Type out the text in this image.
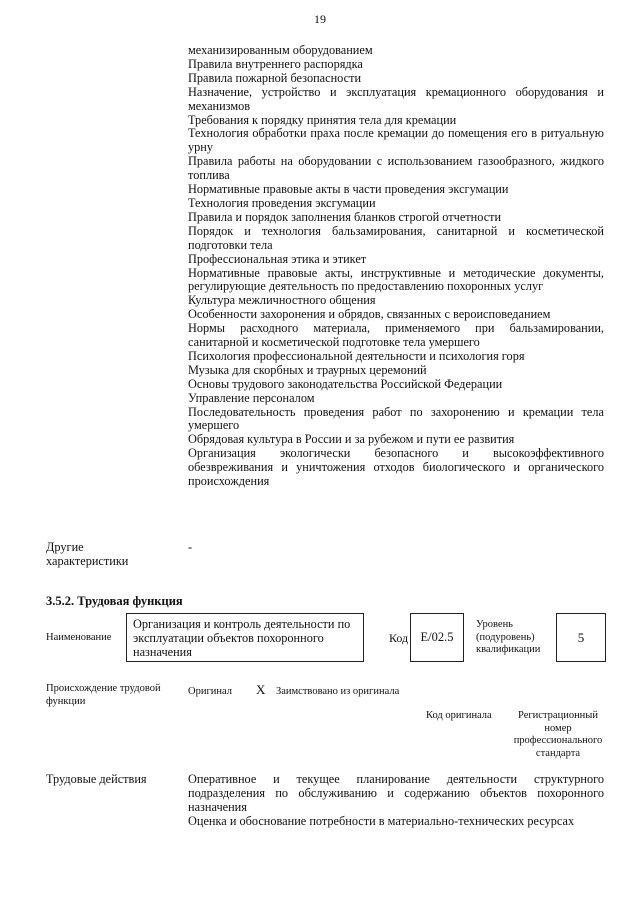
19
механизированным оборудованием
Правила внутреннего распорядка
Правила пожарной безопасности
Назначение, устройство и эксплуатация кремационного оборудования и механизмов
Требования к порядку принятия тела для кремации
Технология обработки праха после кремации до помещения его в ритуальную урну
Правила работы на оборудовании с использованием газообразного, жидкого топлива
Нормативные правовые акты в части проведения эксгумации
Технология проведения эксгумации
Правила и порядок заполнения бланков строгой отчетности
Порядок и технология бальзамирования, санитарной и косметической подготовки тела
Профессиональная этика и этикет
Нормативные правовые акты, инструктивные и методические документы, регулирующие деятельность по предоставлению похоронных услуг
Культура межличностного общения
Особенности захоронения и обрядов, связанных с вероисповеданием
Нормы расходного материала, применяемого при бальзамировании, санитарной и косметической подготовке тела умершего
Психология профессиональной деятельности и психология горя
Музыка для скорбных и траурных церемоний
Основы трудового законодательства Российской Федерации
Управление персоналом
Последовательность проведения работ по захоронению и кремации тела умершего
Обрядовая культура в России и за рубежом и пути ее развития
Организация экологически безопасного и высокоэффективного обезвреживания и уничтожения отходов биологического и органического происхождения
Другие характеристики
-
3.5.2. Трудовая функция
Наименование
Организация и контроль деятельности по эксплуатации объектов похоронного назначения
Код E/02.5
Уровень (подуровень) квалификации
5
Происхождение трудовой функции
Оригинал X Заимствовано из оригинала
Код оригинала	Регистрационный номер профессионального стандарта
Трудовые действия	Оперативное и текущее планирование деятельности структурного подразделения по обслуживанию и содержанию объектов похоронного назначения
Оценка и обоснование потребности в материально-технических ресурсах
